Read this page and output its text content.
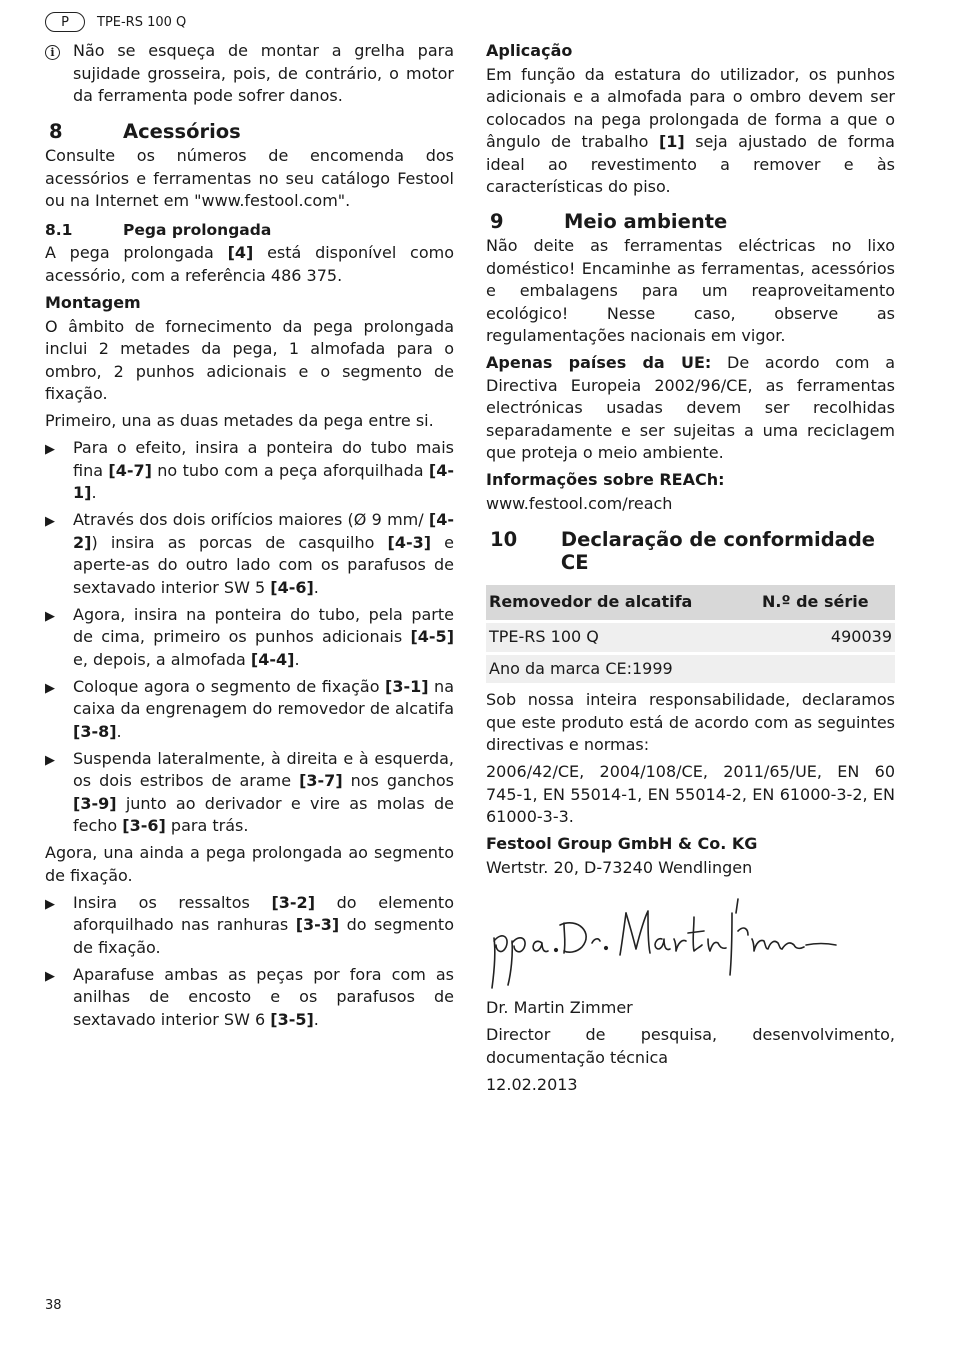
P	TPE-RS 100 Q
i	Não se esqueça de montar a grelha para sujidade grosseira, pois, de contrário, o motor da ferramenta pode sofrer danos.
8	Acessórios

Consulte os números de encomenda dos acessórios e ferramentas no seu catálogo Festool ou na Internet em "www.festool.com".

8.1	Pega prolongada

A pega prolongada [4] está disponível como acessório, com a referência 486 375.

Montagem

O âmbito de fornecimento da pega prolongada inclui 2 metades da pega, 1 almofada para o ombro, 2 punhos adicionais e o segmento de fixação.

Primeiro, una as duas metades da pega entre si.

▶	Para o efeito, insira a ponteira do tubo mais fina [4-7] no tubo com a peça aforquilhada [4-1].
▶	Através dos dois orifícios maiores (Ø 9 mm/ [4-2]) insira as porcas de casquilho [4-3] e aperte-as do outro lado com os parafusos de sextavado interior SW 5 [4-6].
▶	Agora, insira na ponteira do tubo, pela parte de cima, primeiro os punhos adicionais [4-5] e, depois, a almofada [4-4].
▶	Coloque agora o segmento de fixação [3-1] na caixa da engrenagem do removedor de alcatifa [3-8].
▶	Suspenda lateralmente, à direita e à esquerda, os dois estribos de arame [3-7] nos ganchos [3-9] junto ao derivador e vire as molas de fecho [3-6] para trás.

Agora, una ainda a pega prolongada ao segmento de fixação.

▶	Insira os ressaltos [3-2] do elemento aforquilhado nas ranhuras [3-3] do segmento de fixação.
▶	Aparafuse ambas as peças por fora com as anilhas de encosto e os parafusos de sextavado interior SW 6 [3-5].
Aplicação

Em função da estatura do utilizador, os punhos adicionais e a almofada para o ombro devem ser colocados na pega prolongada de forma a que o ângulo de trabalho [1] seja ajustado de forma ideal ao revestimento a remover e às características do piso.

9	Meio ambiente

Não deite as ferramentas eléctricas no lixo doméstico! Encaminhe as ferramentas, acessórios e embalagens para um reaproveitamento ecológico! Nesse caso, observe as regulamentações nacionais em vigor.

Apenas países da UE: De acordo com a Directiva Europeia 2002/96/CE, as ferramentas electrónicas usadas devem ser recolhidas separadamente e ser sujeitas a uma reciclagem que proteja o meio ambiente.

Informações sobre REACh:

www.festool.com/reach

10	Declaração de conformidade CE
Removedor de alcatifa	N.º de série
TPE-RS 100 Q	490039
Ano da marca CE:1999	

Sob nossa inteira responsabilidade, declaramos que este produto está de acordo com as seguintes directivas e normas:

2006/42/CE, 2004/108/CE, 2011/65/UE, EN 60 745-1, EN 55014-1, EN 55014-2, EN 61000-3-2, EN 61000-3-3.

Festool Group GmbH & Co. KG

Wertstr. 20, D-73240 Wendlingen

Dr. Martin Zimmer

Director de pesquisa, desenvolvimento, documentação técnica

12.02.2013

38
